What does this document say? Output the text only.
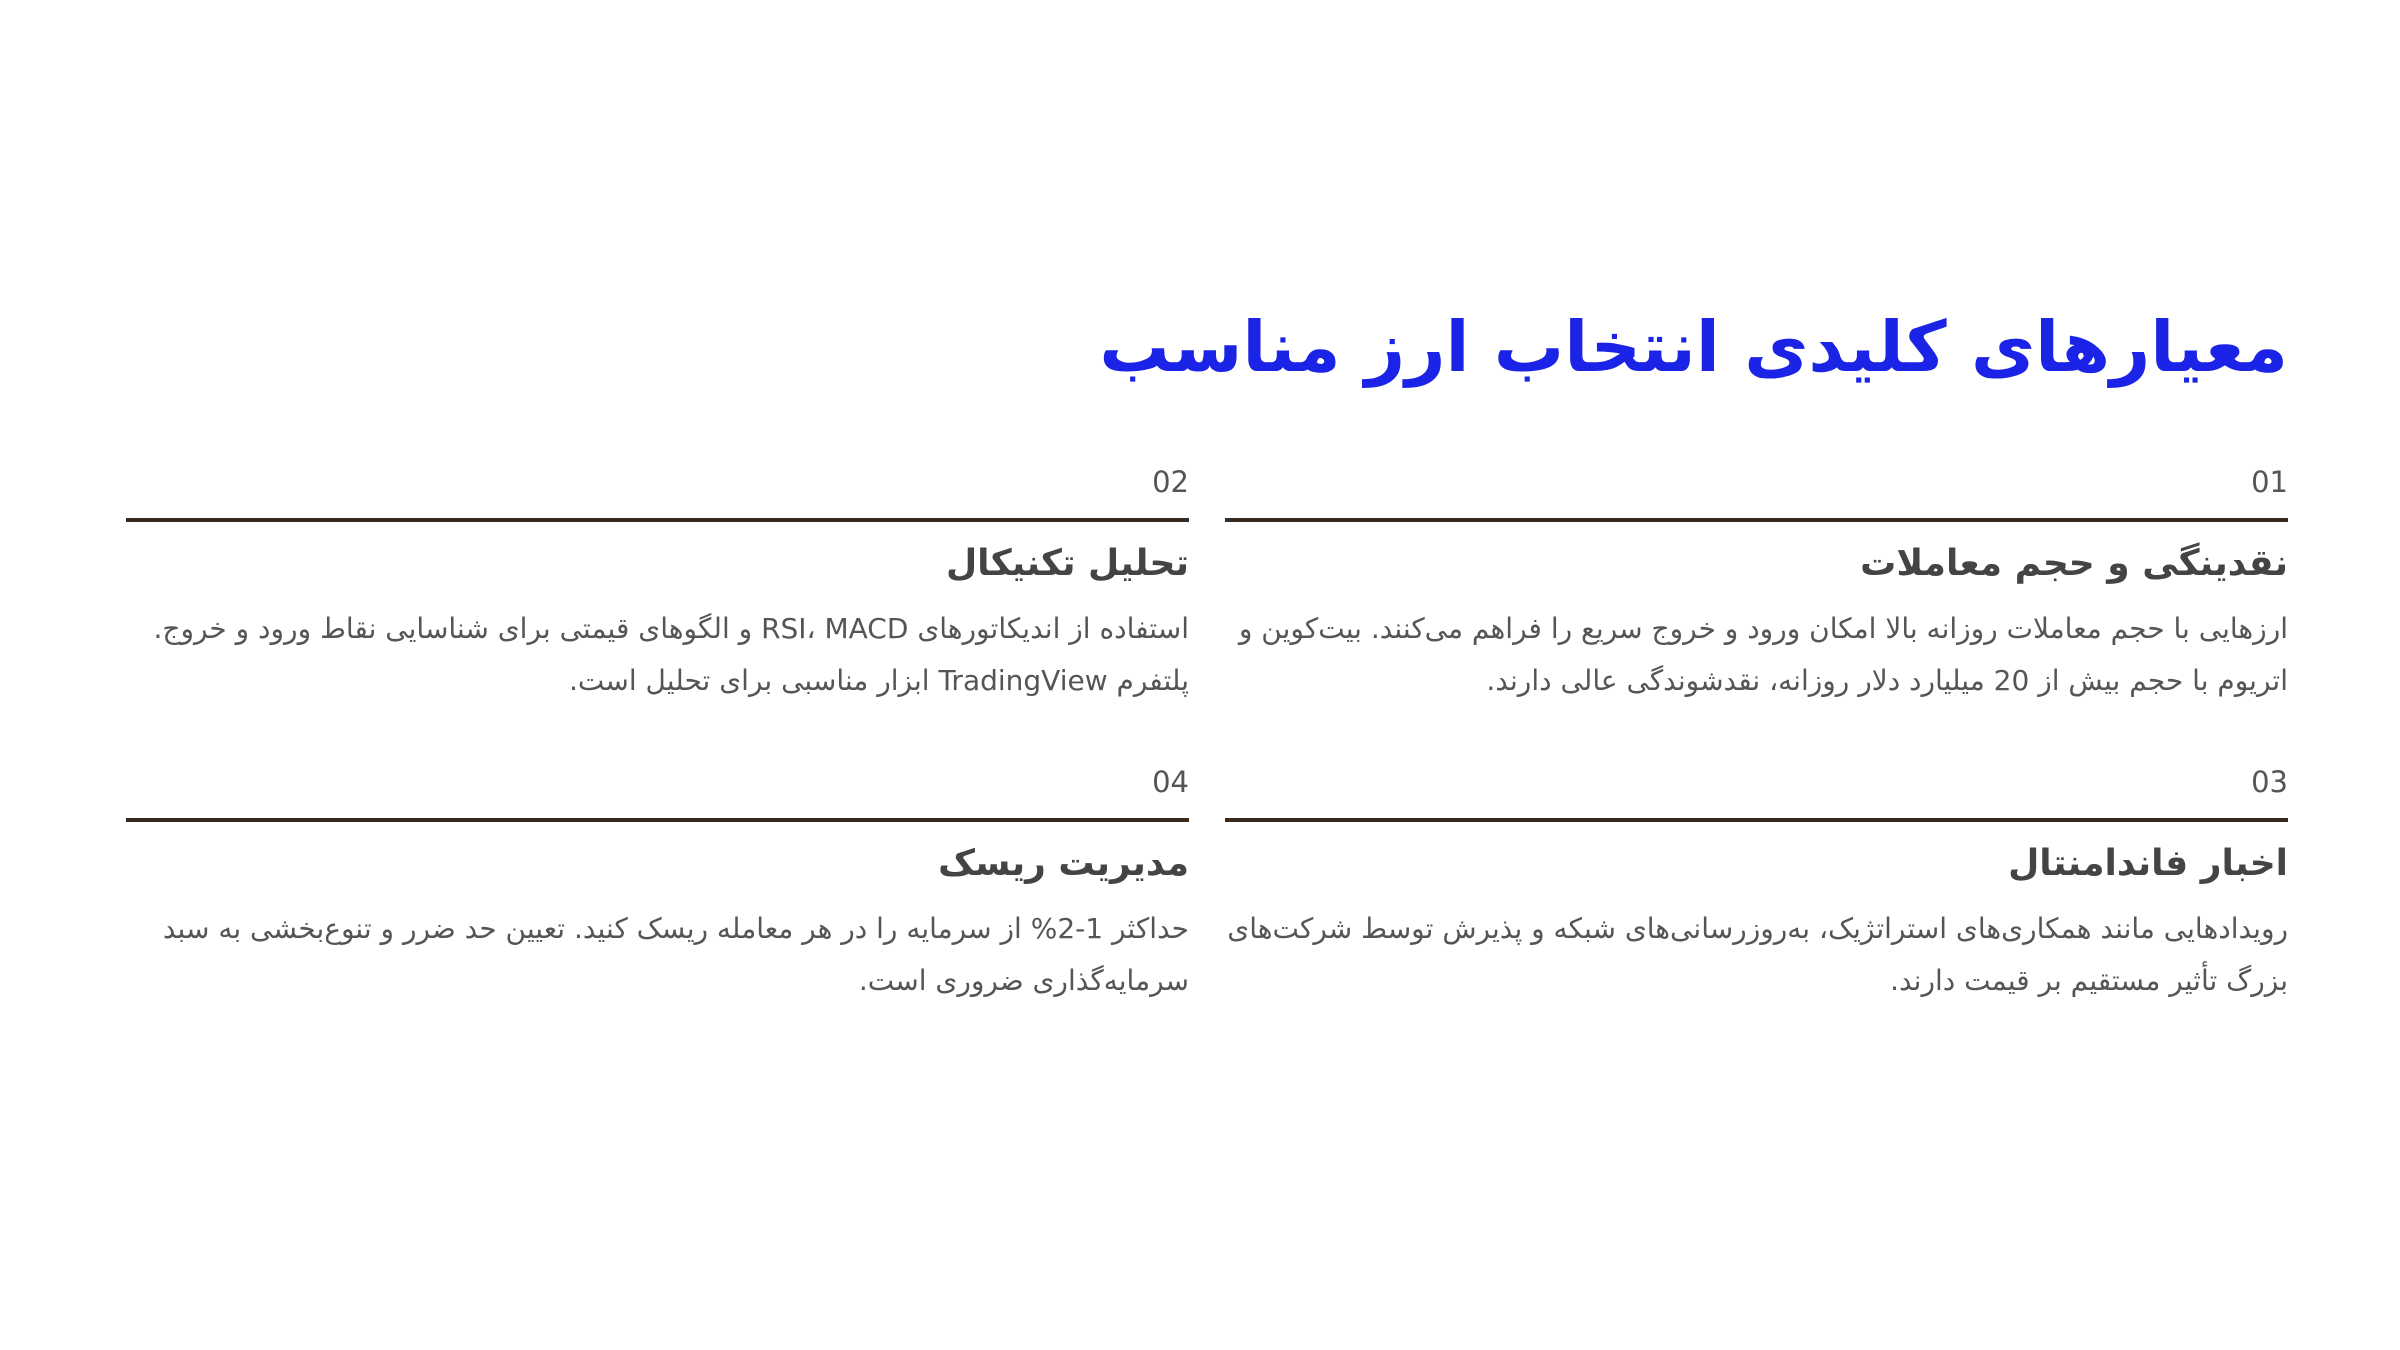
معیارهای کلیدی انتخاب ارز مناسب
01
نقدینگی و حجم معاملات

ارزهایی با حجم معاملات روزانه بالا امکان ورود و خروج سریع را فراهم می‌کنند. بیت‌کوین و اتریوم با حجم بیش از 20 میلیارد دلار روزانه، نقدشوندگی عالی دارند.

02
تحلیل تکنیکال

استفاده از اندیکاتورهای RSI، MACD و الگوهای قیمتی برای شناسایی نقاط ورود و خروج. پلتفرم TradingView ابزار مناسبی برای تحلیل است.

03
اخبار فاندامنتال

رویدادهایی مانند همکاری‌های استراتژیک، به‌روزرسانی‌های شبکه و پذیرش توسط شرکت‌های بزرگ تأثیر مستقیم بر قیمت دارند.

04
مدیریت ریسک

حداکثر 1-2% از سرمایه را در هر معامله ریسک کنید. تعیین حد ضرر و تنوع‌بخشی به سبد سرمایه‌گذاری ضروری است.
